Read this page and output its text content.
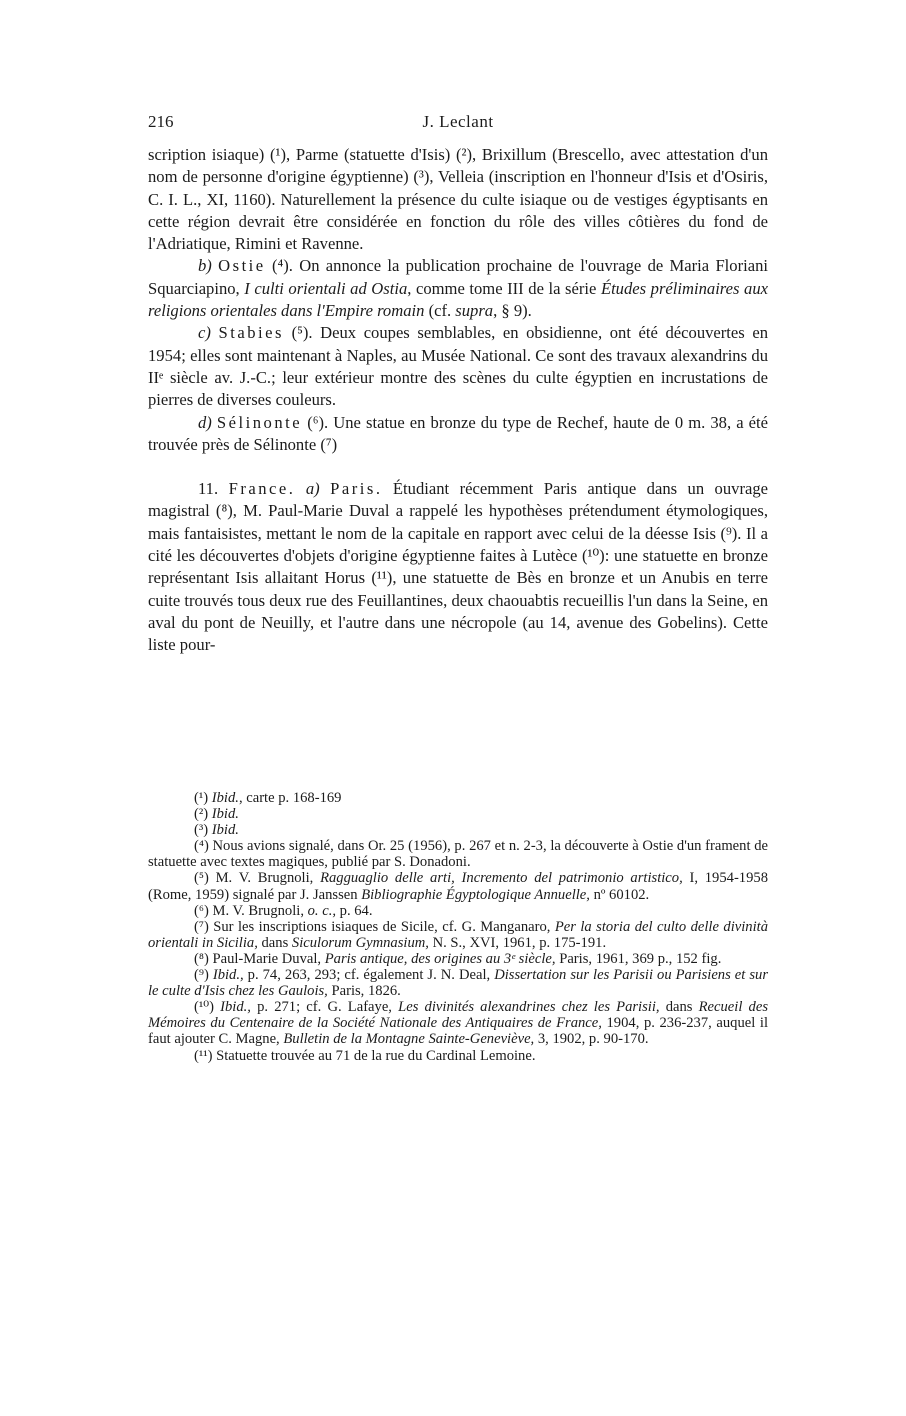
216	J. Leclant

scription isiaque) (¹), Parme (statuette d'Isis) (²), Brixillum (Brescello, avec attestation d'un nom de personne d'origine égyptienne) (³), Velleia (inscription en l'honneur d'Isis et d'Osiris, C. I. L., XI, 1160). Naturellement la présence du culte isiaque ou de vestiges égyptisants en cette région devrait être considérée en fonction du rôle des villes côtières du fond de l'Adriatique, Rimini et Ravenne.

b) Ostie (⁴). On annonce la publication prochaine de l'ouvrage de Maria Floriani Squarciapino, I culti orientali ad Ostia, comme tome III de la série Études préliminaires aux religions orientales dans l'Empire romain (cf. supra, § 9).

c) Stabies (⁵). Deux coupes semblables, en obsidienne, ont été découvertes en 1954; elles sont maintenant à Naples, au Musée National. Ce sont des travaux alexandrins du IIᵉ siècle av. J.-C.; leur extérieur montre des scènes du culte égyptien en incrustations de pierres de diverses couleurs.

d) Sélinonte (⁶). Une statue en bronze du type de Rechef, haute de 0 m. 38, a été trouvée près de Sélinonte (⁷)

11. France. a) Paris. Étudiant récemment Paris antique dans un ouvrage magistral (⁸), M. Paul-Marie Duval a rappelé les hypothèses prétendument étymologiques, mais fantaisistes, mettant le nom de la capitale en rapport avec celui de la déesse Isis (⁹). Il a cité les découvertes d'objets d'origine égyptienne faites à Lutèce (¹⁰): une statuette en bronze représentant Isis allaitant Horus (¹¹), une statuette de Bès en bronze et un Anubis en terre cuite trouvés tous deux rue des Feuillantines, deux chaouabtis recueillis l'un dans la Seine, en aval du pont de Neuilly, et l'autre dans une nécropole (au 14, avenue des Gobelins). Cette liste pour-

(¹) Ibid., carte p. 168-169

(²) Ibid.

(³) Ibid.

(⁴) Nous avions signalé, dans Or. 25 (1956), p. 267 et n. 2-3, la découverte à Ostie d'un frament de statuette avec textes magiques, publié par S. Donadoni.

(⁵) M. V. Brugnoli, Ragguaglio delle arti, Incremento del patrimonio artistico, I, 1954-1958 (Rome, 1959) signalé par J. Janssen Bibliographie Égyptologique Annuelle, nº 60102.

(⁶) M. V. Brugnoli, o. c., p. 64.

(⁷) Sur les inscriptions isiaques de Sicile, cf. G. Manganaro, Per la storia del culto delle divinità orientali in Sicilia, dans Siculorum Gymnasium, N. S., XVI, 1961, p. 175-191.

(⁸) Paul-Marie Duval, Paris antique, des origines au 3ᵉ siècle, Paris, 1961, 369 p., 152 fig.

(⁹) Ibid., p. 74, 263, 293; cf. également J. N. Deal, Dissertation sur les Parisii ou Parisiens et sur le culte d'Isis chez les Gaulois, Paris, 1826.

(¹⁰) Ibid., p. 271; cf. G. Lafaye, Les divinités alexandrines chez les Parisii, dans Recueil des Mémoires du Centenaire de la Société Nationale des Antiquaires de France, 1904, p. 236-237, auquel il faut ajouter C. Magne, Bulletin de la Montagne Sainte-Geneviève, 3, 1902, p. 90-170.

(¹¹) Statuette trouvée au 71 de la rue du Cardinal Lemoine.
